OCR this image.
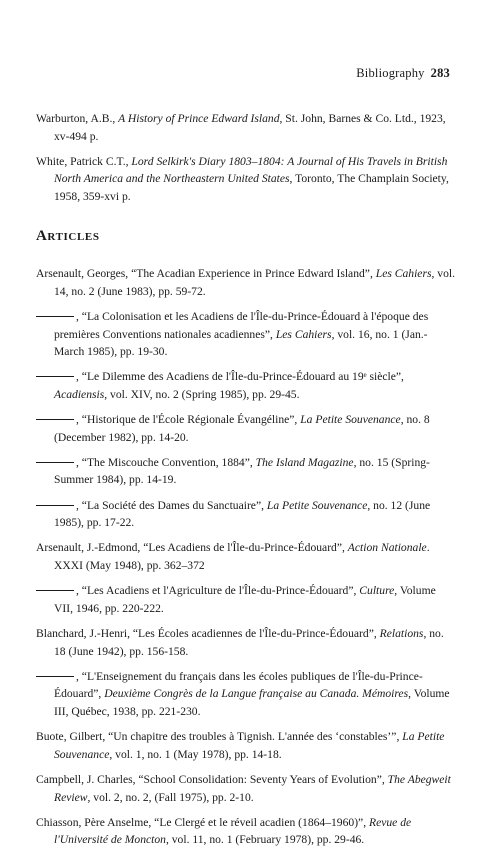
Bibliography 283
Warburton, A.B., A History of Prince Edward Island, St. John, Barnes & Co. Ltd., 1923, xv-494 p.
White, Patrick C.T., Lord Selkirk's Diary 1803–1804: A Journal of His Travels in British North America and the Northeastern United States, Toronto, The Champlain Society, 1958, 359-xvi p.
Articles
Arsenault, Georges, “The Acadian Experience in Prince Edward Island”, Les Cahiers, vol. 14, no. 2 (June 1983), pp. 59-72.
, “La Colonisation et les Acadiens de l'Île-du-Prince-Édouard à l'époque des premières Conventions nationales acadiennes”, Les Cahiers, vol. 16, no. 1 (Jan.-March 1985), pp. 19-30.
, “Le Dilemme des Acadiens de l'Île-du-Prince-Édouard au 19ᵉ siècle”, Acadiensis, vol. XIV, no. 2 (Spring 1985), pp. 29-45.
, “Historique de l'École Régionale Évangéline”, La Petite Souvenance, no. 8 (December 1982), pp. 14-20.
, “The Miscouche Convention, 1884”, The Island Magazine, no. 15 (Spring-Summer 1984), pp. 14-19.
, “La Société des Dames du Sanctuaire”, La Petite Souvenance, no. 12 (June 1985), pp. 17-22.
Arsenault, J.-Edmond, “Les Acadiens de l'Île-du-Prince-Édouard”, Action Nationale. XXXI (May 1948), pp. 362–372
, “Les Acadiens et l'Agriculture de l'Île-du-Prince-Édouard”, Culture, Volume VII, 1946, pp. 220-222.
Blanchard, J.-Henri, “Les Écoles acadiennes de l'Île-du-Prince-Édouard”, Relations, no. 18 (June 1942), pp. 156-158.
, “L'Enseignement du français dans les écoles publiques de l'Île-du-Prince-Édouard”, Deuxième Congrès de la Langue française au Canada. Mémoires, Volume III, Québec, 1938, pp. 221-230.
Buote, Gilbert, “Un chapitre des troubles à Tignish. L'année des ‘constables’”, La Petite Souvenance, vol. 1, no. 1 (May 1978), pp. 14-18.
Campbell, J. Charles, “School Consolidation: Seventy Years of Evolution”, The Abegweit Review, vol. 2, no. 2, (Fall 1975), pp. 2-10.
Chiasson, Père Anselme, “Le Clergé et le réveil acadien (1864–1960)”, Revue de l'Université de Moncton, vol. 11, no. 1 (February 1978), pp. 29-46.
